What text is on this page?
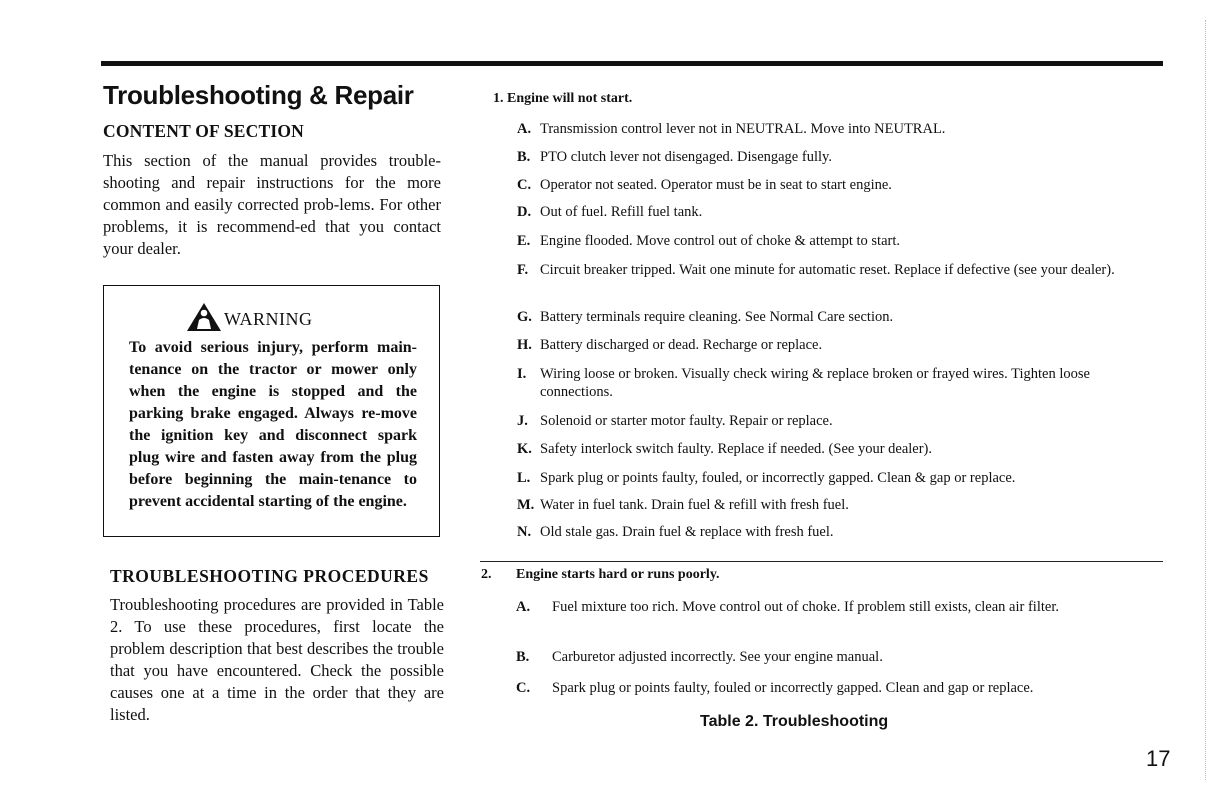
Troubleshooting & Repair
CONTENT OF SECTION

This section of the manual provides trouble-shooting and repair instructions for the more common and easily corrected prob-lems. For other problems, it is recommend-ed that you contact your dealer.

WARNING

To avoid serious injury, perform main-tenance on the tractor or mower only when the engine is stopped and the parking brake engaged. Always re-move the ignition key and disconnect spark plug wire and fasten away from the plug before beginning the main-tenance to prevent accidental starting of the engine.

TROUBLESHOOTING PROCEDURES

Troubleshooting procedures are provided in Table 2. To use these procedures, first locate the problem description that best describes the trouble that you have encountered. Check the possible causes one at a time in the order that they are listed.

1. Engine will not start.
A. Transmission control lever not in NEUTRAL. Move into NEUTRAL.
B. PTO clutch lever not disengaged. Disengage fully.
C. Operator not seated. Operator must be in seat to start engine.
D. Out of fuel. Refill fuel tank.
E. Engine flooded. Move control out of choke & attempt to start.
F. Circuit breaker tripped. Wait one minute for automatic reset. Replace if defective (see your dealer).
G. Battery terminals require cleaning. See Normal Care section.
H. Battery discharged or dead. Recharge or replace.
I. Wiring loose or broken. Visually check wiring & replace broken or frayed wires. Tighten loose connections.
J. Solenoid or starter motor faulty. Repair or replace.
K. Safety interlock switch faulty. Replace if needed. (See your dealer).
L. Spark plug or points faulty, fouled, or incorrectly gapped. Clean & gap or replace.
M. Water in fuel tank. Drain fuel & refill with fresh fuel.
N. Old stale gas. Drain fuel & replace with fresh fuel.
2.	Engine starts hard or runs poorly.
A.	Fuel mixture too rich. Move control out of choke. If problem still exists, clean air filter.
B.	Carburetor adjusted incorrectly. See your engine manual.
C.	Spark plug or points faulty, fouled or incorrectly gapped. Clean and gap or replace.
Table 2. Troubleshooting
17
